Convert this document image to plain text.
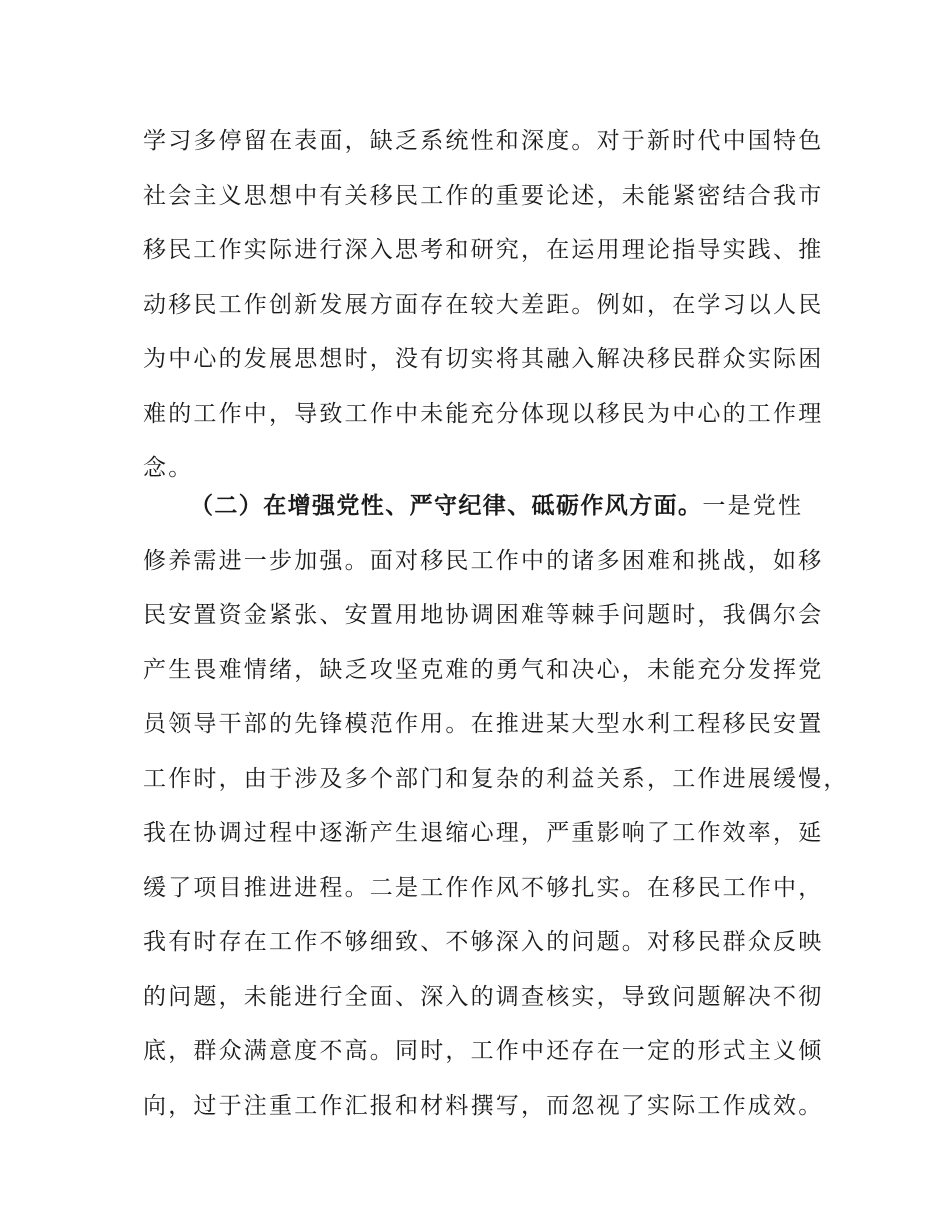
学习多停留在表面，缺乏系统性和深度。对于新时代中国特色
社会主义思想中有关移民工作的重要论述，未能紧密结合我市
移民工作实际进行深入思考和研究，在运用理论指导实践、推
动移民工作创新发展方面存在较大差距。例如，在学习以人民
为中心的发展思想时，没有切实将其融入解决移民群众实际困
难的工作中，导致工作中未能充分体现以移民为中心的工作理
念。
（二）在增强党性、严守纪律、砥砺作风方面。一是党性
修养需进一步加强。面对移民工作中的诸多困难和挑战，如移
民安置资金紧张、安置用地协调困难等棘手问题时，我偶尔会
产生畏难情绪，缺乏攻坚克难的勇气和决心，未能充分发挥党
员领导干部的先锋模范作用。在推进某大型水利工程移民安置
工作时，由于涉及多个部门和复杂的利益关系，工作进展缓慢，
我在协调过程中逐渐产生退缩心理，严重影响了工作效率，延
缓了项目推进进程。二是工作作风不够扎实。在移民工作中，
我有时存在工作不够细致、不够深入的问题。对移民群众反映
的问题，未能进行全面、深入的调查核实，导致问题解决不彻
底，群众满意度不高。同时，工作中还存在一定的形式主义倾
向，过于注重工作汇报和材料撰写，而忽视了实际工作成效。
